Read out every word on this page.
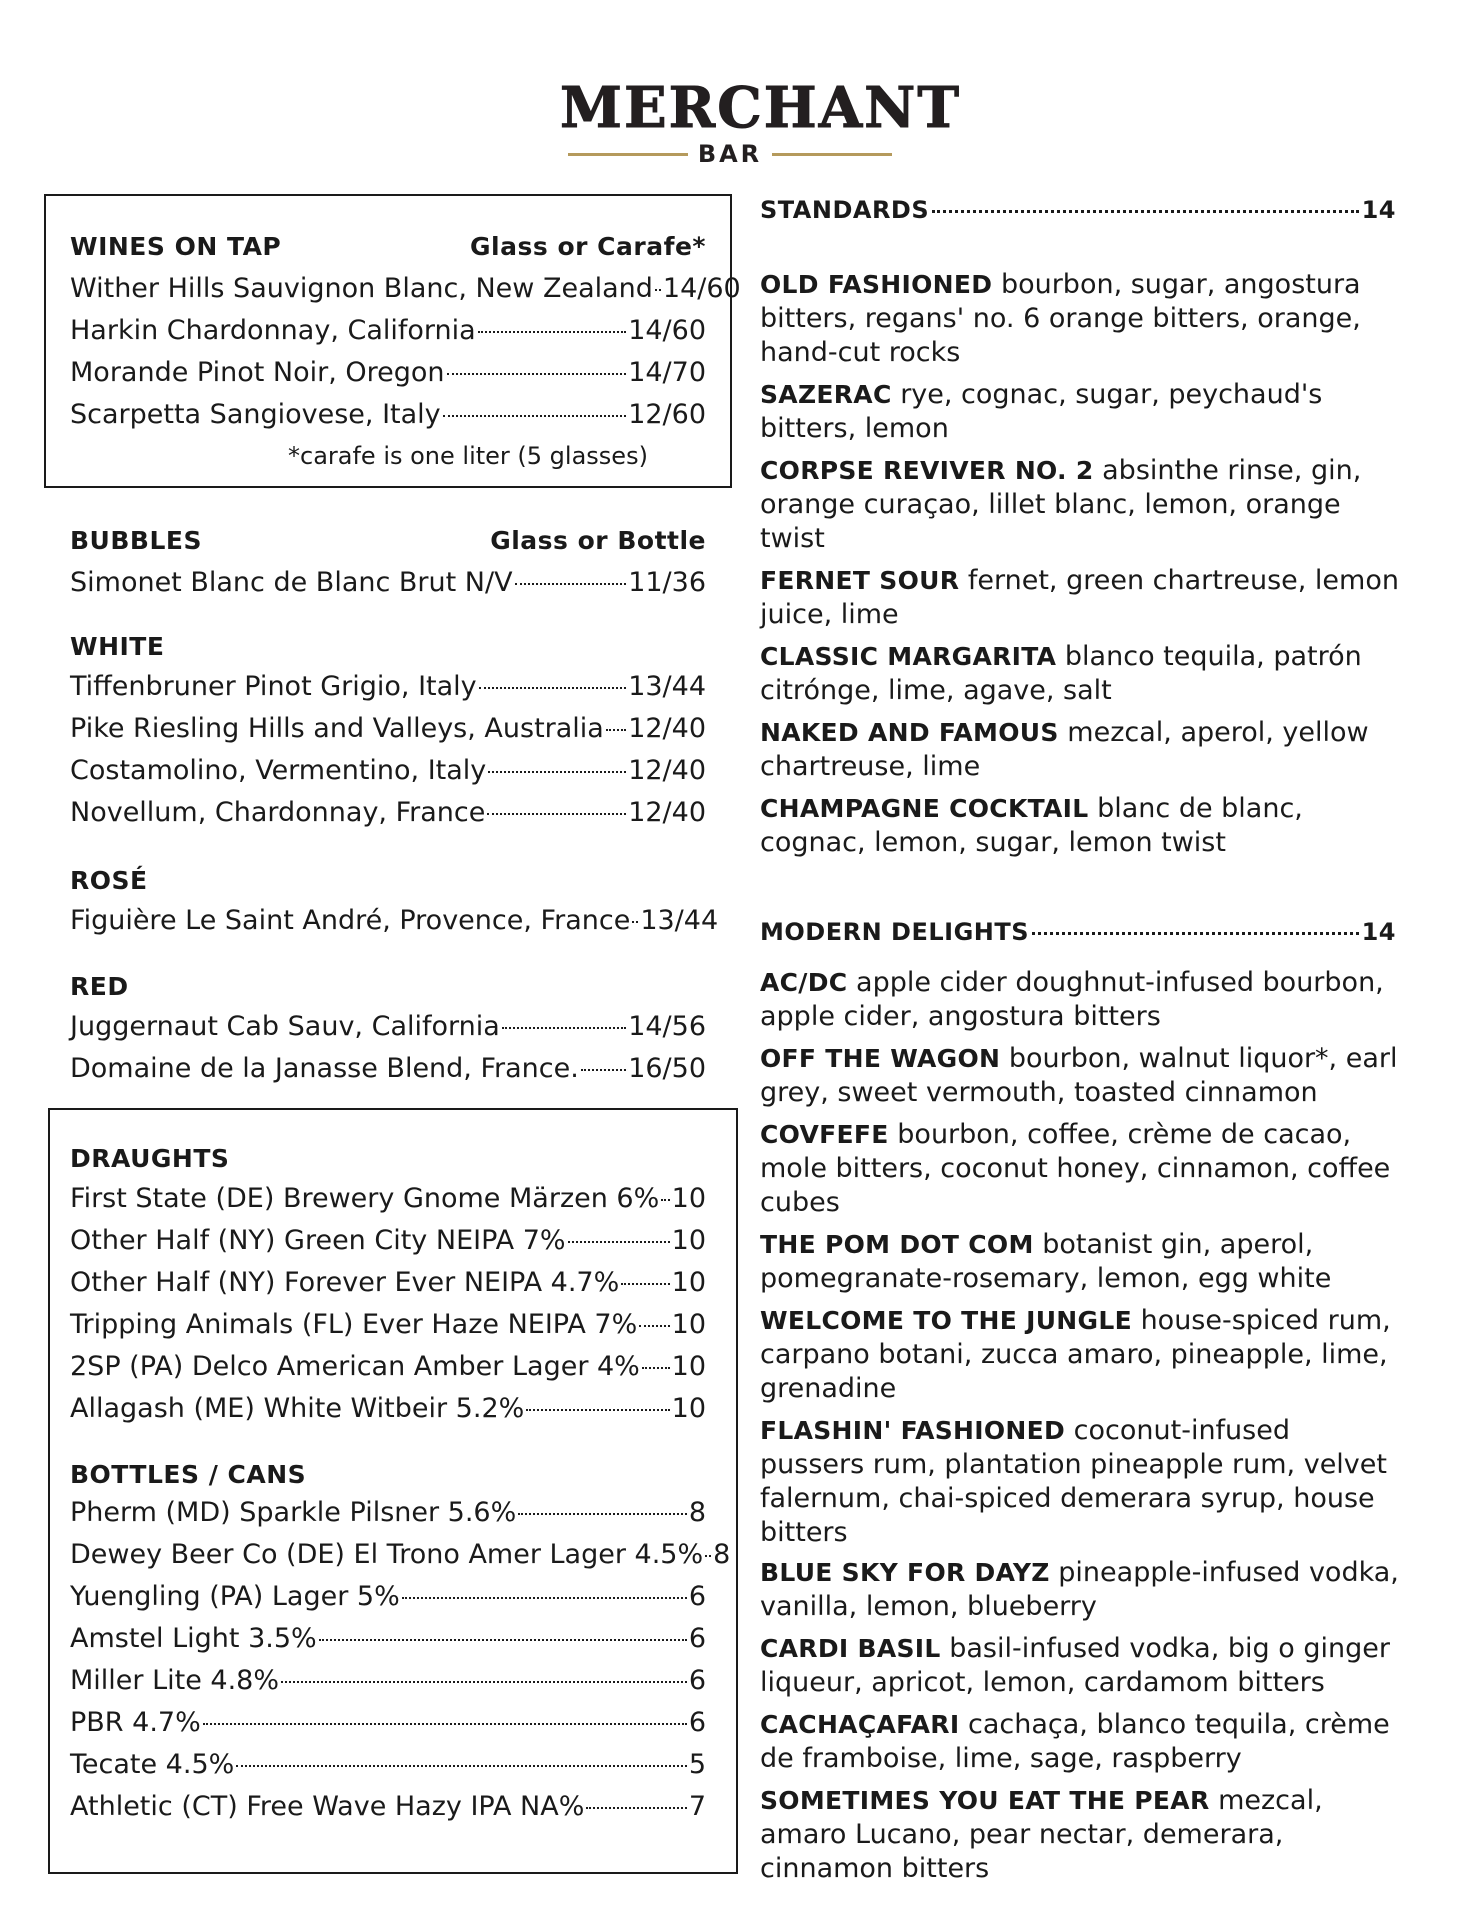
MERCHANT
BAR
WINES ON TAP	Glass or Carafe*
Wither Hills Sauvignon Blanc, New Zealand 14/60
Harkin Chardonnay, California	14/60
Morande Pinot Noir, Oregon	14/70
Scarpetta Sangiovese, Italy	12/60
*carafe is one liter (5 glasses)
BUBBLES	Glass or Bottle
Simonet Blanc de Blanc Brut N/V	11/36
WHITE
Tiffenbruner Pinot Grigio, Italy	13/44
Pike Riesling Hills and Valleys, Australia 12/40
Costamolino, Vermentino, Italy	12/40
Novellum, Chardonnay, France	12/40
ROSÉ
Figuière Le Saint André, Provence, France 13/44
RED
Juggernaut Cab Sauv, California	14/56
Domaine de la Janasse Blend, France. 16/50
DRAUGHTS
First State (DE) Brewery Gnome Märzen 6% 10
Other Half (NY) Green City NEIPA 7%	10
Other Half (NY) Forever Ever NEIPA 4.7% 10
Tripping Animals (FL) Ever Haze NEIPA 7% 10
2SP (PA) Delco American Amber Lager 4% 10
Allagash (ME) White Witbeir 5.2%	10
BOTTLES / CANS
Pherm (MD) Sparkle Pilsner 5.6%	8
Dewey Beer Co (DE) El Trono Amer Lager 4.5% 8
Yuengling (PA) Lager 5%	6
Amstel Light 3.5%	6
Miller Lite 4.8%	6
PBR 4.7%	6
Tecate 4.5%	5
Athletic (CT) Free Wave Hazy IPA NA%	7
STANDARDS	14
OLD FASHIONED bourbon, sugar, angostura bitters, regans' no. 6 orange bitters, orange, hand-cut rocks
SAZERAC rye, cognac, sugar, peychaud's bitters, lemon
CORPSE REVIVER NO. 2 absinthe rinse, gin, orange curaçao, lillet blanc, lemon, orange twist
FERNET SOUR fernet, green chartreuse, lemon juice, lime
CLASSIC MARGARITA blanco tequila, patrón citrónge, lime, agave, salt
NAKED AND FAMOUS mezcal, aperol, yellow chartreuse, lime
CHAMPAGNE COCKTAIL blanc de blanc, cognac, lemon, sugar, lemon twist
MODERN DELIGHTS	14
AC/DC apple cider doughnut-infused bourbon, apple cider, angostura bitters
OFF THE WAGON bourbon, walnut liquor*, earl grey, sweet vermouth, toasted cinnamon
COVFEFE bourbon, coffee, crème de cacao, mole bitters, coconut honey, cinnamon, coffee cubes
THE POM DOT COM botanist gin, aperol, pomegranate-rosemary, lemon, egg white
WELCOME TO THE JUNGLE house-spiced rum, carpano botani, zucca amaro, pineapple, lime, grenadine
FLASHIN' FASHIONED coconut-infused pussers rum, plantation pineapple rum, velvet falernum, chai-spiced demerara syrup, house bitters
BLUE SKY FOR DAYZ pineapple-infused vodka, vanilla, lemon, blueberry
CARDI BASIL basil-infused vodka, big o ginger liqueur, apricot, lemon, cardamom bitters
CACHAÇAFARI cachaça, blanco tequila, crème de framboise, lime, sage, raspberry
SOMETIMES YOU EAT THE PEAR mezcal, amaro Lucano, pear nectar, demerara, cinnamon bitters
